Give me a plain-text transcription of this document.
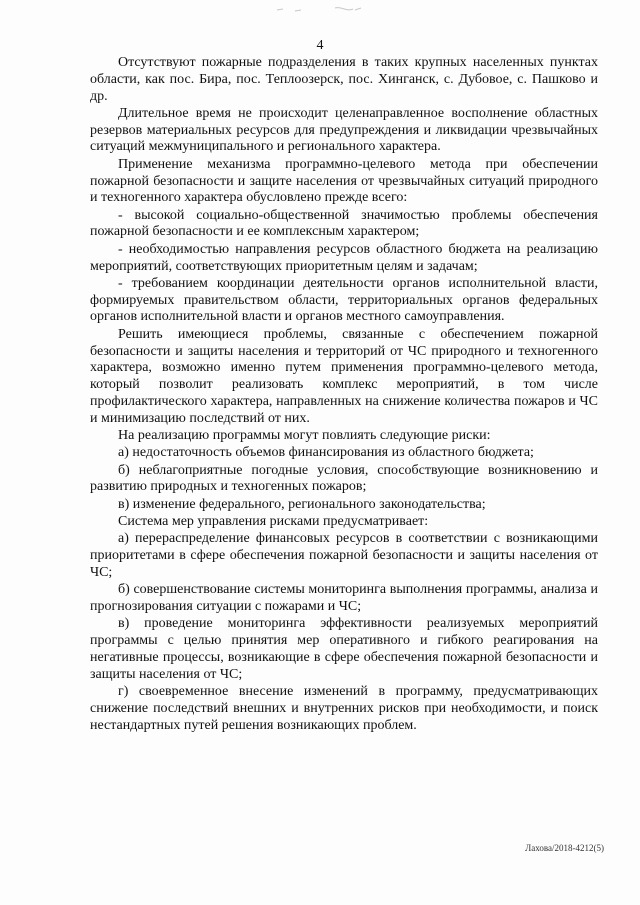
4

Отсутствуют пожарные подразделения в таких крупных населенных пунктах области, как пос. Бира, пос. Теплоозерск, пос. Хинганск, с. Дубовое, с. Пашково и др.

Длительное время не происходит целенаправленное восполнение областных резервов материальных ресурсов для предупреждения и ликвидации чрезвычайных ситуаций межмуниципального и регионального характера.

Применение механизма программно-целевого метода при обеспечении пожарной безопасности и защите населения от чрезвычайных ситуаций природного и техногенного характера обусловлено прежде всего:

- высокой социально-общественной значимостью проблемы обеспечения пожарной безопасности и ее комплексным характером;

- необходимостью направления ресурсов областного бюджета на реализацию мероприятий, соответствующих приоритетным целям и задачам;

- требованием координации деятельности органов исполнительной власти, формируемых правительством области, территориальных органов федеральных органов исполнительной власти и органов местного самоуправления.

Решить имеющиеся проблемы, связанные с обеспечением пожарной безопасности и защиты населения и территорий от ЧС природного и техногенного характера, возможно именно путем применения программно-целевого метода, который позволит реализовать комплекс мероприятий, в том числе профилактического характера, направленных на снижение количества пожаров и ЧС и минимизацию последствий от них.

На реализацию программы могут повлиять следующие риски:

а) недостаточность объемов финансирования из областного бюджета;

б) неблагоприятные погодные условия, способствующие возникновению и развитию природных и техногенных пожаров;

в) изменение федерального, регионального законодательства;

Система мер управления рисками предусматривает:

а) перераспределение финансовых ресурсов в соответствии с возникающими приоритетами в сфере обеспечения пожарной безопасности и защиты населения от ЧС;

б) совершенствование системы мониторинга выполнения программы, анализа и прогнозирования ситуации с пожарами и ЧС;

в) проведение мониторинга эффективности реализуемых мероприятий программы с целью принятия мер оперативного и гибкого реагирования на негативные процессы, возникающие в сфере обеспечения пожарной безопасности и защиты населения от ЧС;

г) своевременное внесение изменений в программу, предусматривающих снижение последствий внешних и внутренних рисков при необходимости, и поиск нестандартных путей решения возникающих проблем.

Лахова/2018-4212(5)
